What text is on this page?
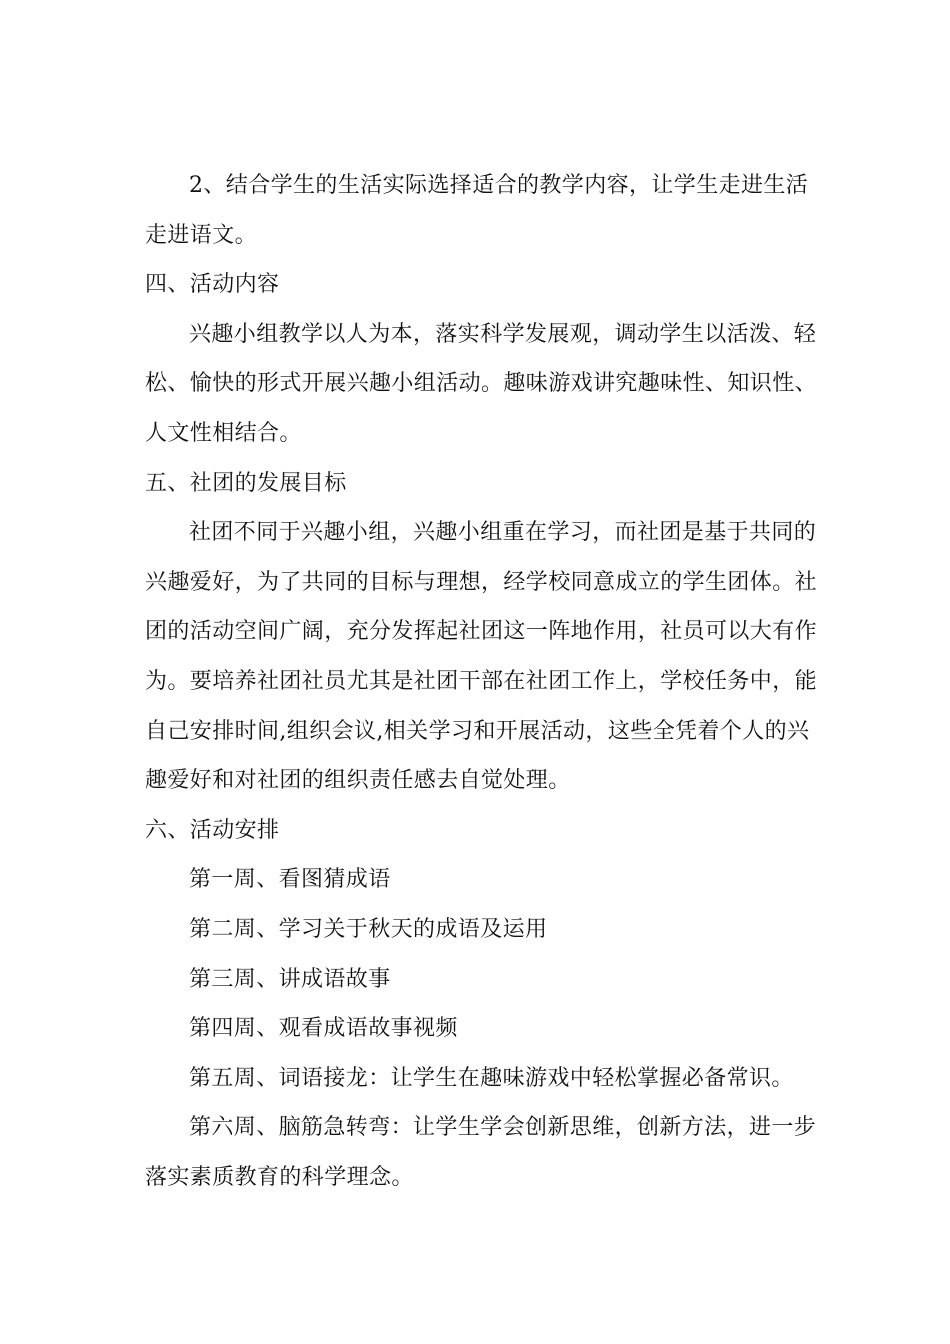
2、结合学生的生活实际选择适合的教学内容，让学生走进生活
走进语文。
四、活动内容
兴趣小组教学以人为本，落实科学发展观，调动学生以活泼、轻
松、愉快的形式开展兴趣小组活动。趣味游戏讲究趣味性、知识性、
人文性相结合。
五、社团的发展目标
社团不同于兴趣小组，兴趣小组重在学习，而社团是基于共同的
兴趣爱好，为了共同的目标与理想，经学校同意成立的学生团体。社
团的活动空间广阔，充分发挥起社团这一阵地作用，社员可以大有作
为。要培养社团社员尤其是社团干部在社团工作上，学校任务中，能
自己安排时间,组织会议,相关学习和开展活动，这些全凭着个人的兴
趣爱好和对社团的组织责任感去自觉处理。
六、活动安排
第一周、看图猜成语
第二周、学习关于秋天的成语及运用
第三周、讲成语故事
第四周、观看成语故事视频
第五周、词语接龙：让学生在趣味游戏中轻松掌握必备常识。
第六周、脑筋急转弯：让学生学会创新思维，创新方法，进一步
落实素质教育的科学理念。
